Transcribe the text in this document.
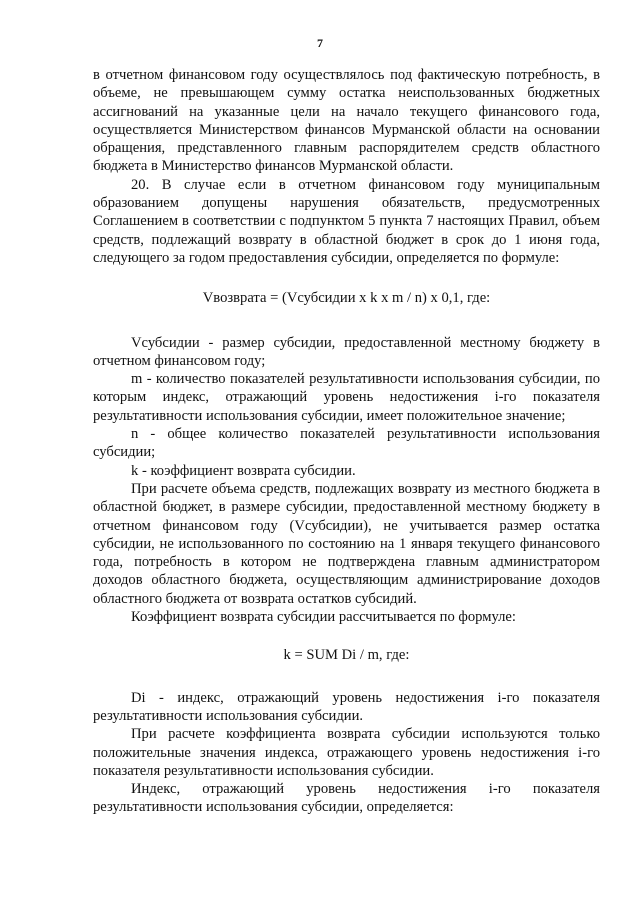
7

в отчетном финансовом году осуществлялось под фактическую потребность, в объеме, не превышающем сумму остатка неиспользованных бюджетных ассигнований на указанные цели на начало текущего финансового года, осуществляется Министерством финансов Мурманской области на основании обращения, представленного главным распорядителем средств областного бюджета в Министерство финансов Мурманской области.

20. В случае если в отчетном финансовом году муниципальным образованием допущены нарушения обязательств, предусмотренных Соглашением в соответствии с подпунктом 5 пункта 7 настоящих Правил, объем средств, подлежащий возврату в областной бюджет в срок до 1 июня года, следующего за годом предоставления субсидии, определяется по формуле:

Vвозврата = (Vсубсидии x k x m / n) x 0,1, где:

Vсубсидии - размер субсидии, предоставленной местному бюджету в отчетном финансовом году;

m - количество показателей результативности использования субсидии, по которым индекс, отражающий уровень недостижения i-го показателя результативности использования субсидии, имеет положительное значение;

n - общее количество показателей результативности использования субсидии;

k - коэффициент возврата субсидии.

При расчете объема средств, подлежащих возврату из местного бюджета в областной бюджет, в размере субсидии, предоставленной местному бюджету в отчетном финансовом году (Vсубсидии), не учитывается размер остатка субсидии, не использованного по состоянию на 1 января текущего финансового года, потребность в котором не подтверждена главным администратором доходов областного бюджета, осуществляющим администрирование доходов областного бюджета от возврата остатков субсидий.

Коэффициент возврата субсидии рассчитывается по формуле:

k = SUM Di / m, где:

Di - индекс, отражающий уровень недостижения i-го показателя результативности использования субсидии.

При расчете коэффициента возврата субсидии используются только положительные значения индекса, отражающего уровень недостижения i-го показателя результативности использования субсидии.

Индекс, отражающий уровень недостижения i-го показателя результативности использования субсидии, определяется:
